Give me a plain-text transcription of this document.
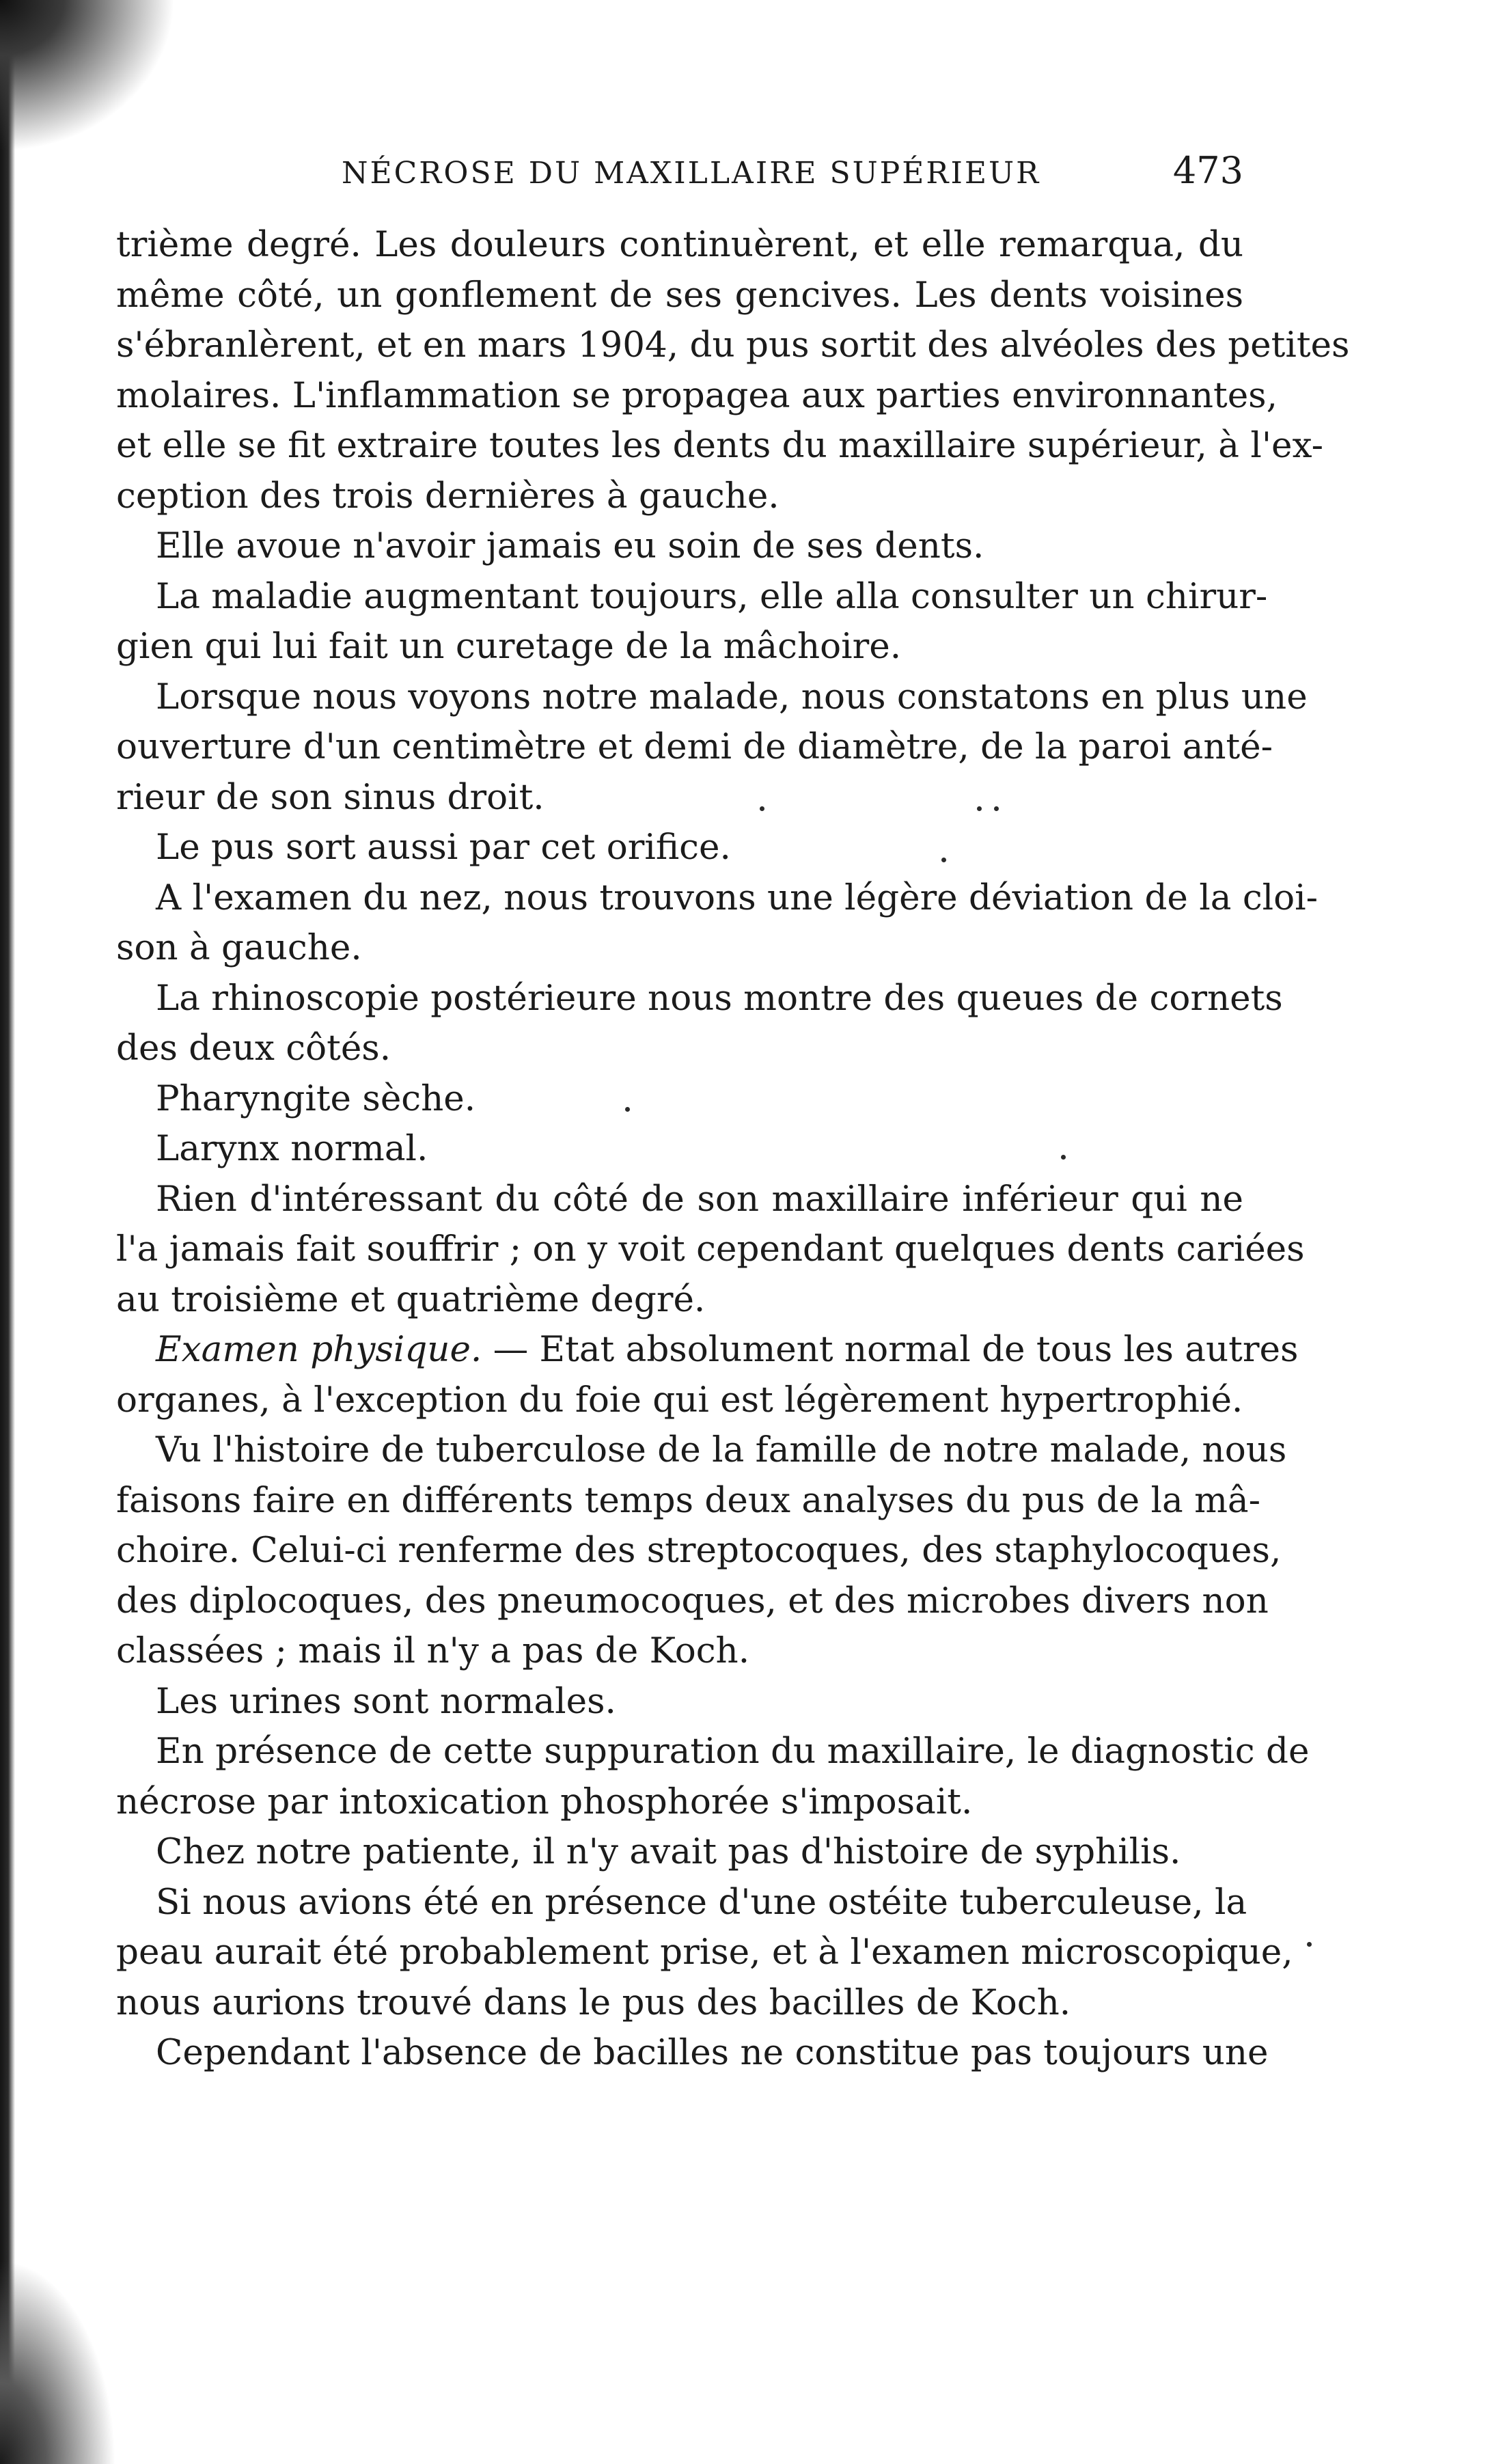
NÉCROSE DU MAXILLAIRE SUPÉRIEUR	473
trième degré. Les douleurs continuèrent, et elle remarqua, du
même côté, un gonflement de ses gencives. Les dents voisines
s'ébranlèrent, et en mars 1904, du pus sortit des alvéoles des petites
molaires. L'inflammation se propagea aux parties environnantes,
et elle se fit extraire toutes les dents du maxillaire supérieur, à l'ex-
ception des trois dernières à gauche.
Elle avoue n'avoir jamais eu soin de ses dents.
La maladie augmentant toujours, elle alla consulter un chirur-
gien qui lui fait un curetage de la mâchoire.
Lorsque nous voyons notre malade, nous constatons en plus une
ouverture d'un centimètre et demi de diamètre, de la paroi anté-
rieur de son sinus droit.
Le pus sort aussi par cet orifice.
A l'examen du nez, nous trouvons une légère déviation de la cloi-
son à gauche.
La rhinoscopie postérieure nous montre des queues de cornets
des deux côtés.
Pharyngite sèche.
Larynx normal.
Rien d'intéressant du côté de son maxillaire inférieur qui ne
l'a jamais fait souffrir ; on y voit cependant quelques dents cariées
au troisième et quatrième degré.
Examen physique. — Etat absolument normal de tous les autres
organes, à l'exception du foie qui est légèrement hypertrophié.
Vu l'histoire de tuberculose de la famille de notre malade, nous
faisons faire en différents temps deux analyses du pus de la mâ-
choire. Celui-ci renferme des streptocoques, des staphylocoques,
des diplocoques, des pneumocoques, et des microbes divers non
classées ; mais il n'y a pas de Koch.
Les urines sont normales.
En présence de cette suppuration du maxillaire, le diagnostic de
nécrose par intoxication phosphorée s'imposait.
Chez notre patiente, il n'y avait pas d'histoire de syphilis.
Si nous avions été en présence d'une ostéite tuberculeuse, la
peau aurait été probablement prise, et à l'examen microscopique,
nous aurions trouvé dans le pus des bacilles de Koch.
Cependant l'absence de bacilles ne constitue pas toujours une
